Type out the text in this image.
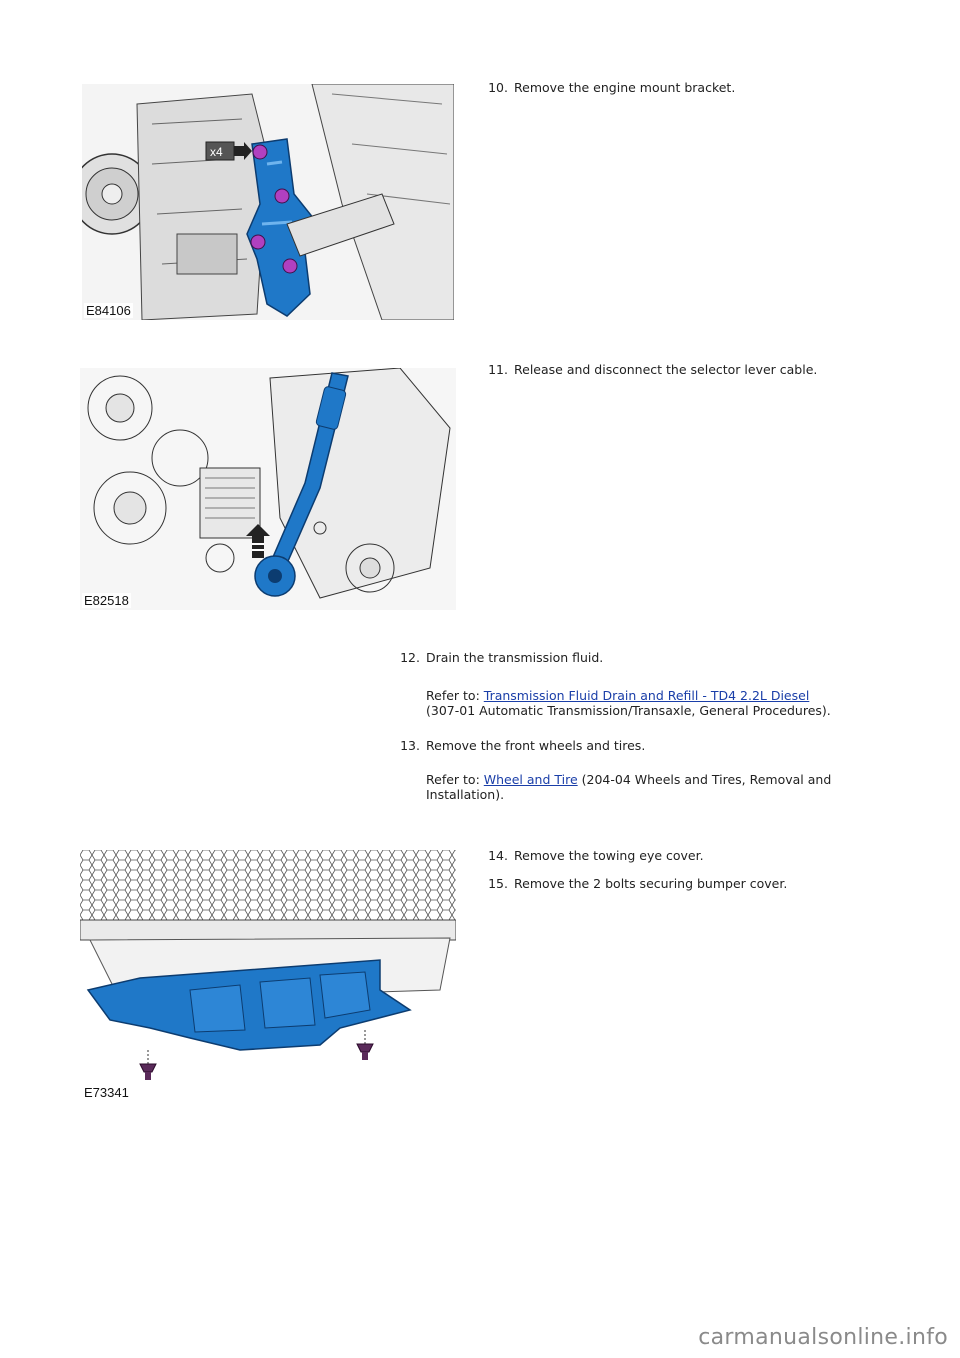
x4
E84106
E82518
E73341
10. Remove the engine mount bracket.
11. Release and disconnect the selector lever cable.
12. Drain the transmission fluid.
Refer to: Transmission Fluid Drain and Refill - TD4 2.2L Diesel
(307-01 Automatic Transmission/Transaxle, General Procedures).
13. Remove the front wheels and tires.
Refer to: Wheel and Tire (204-04 Wheels and Tires, Removal and Installation).
14. Remove the towing eye cover.
15. Remove the 2 bolts securing bumper cover.
carmanualsonline.info
